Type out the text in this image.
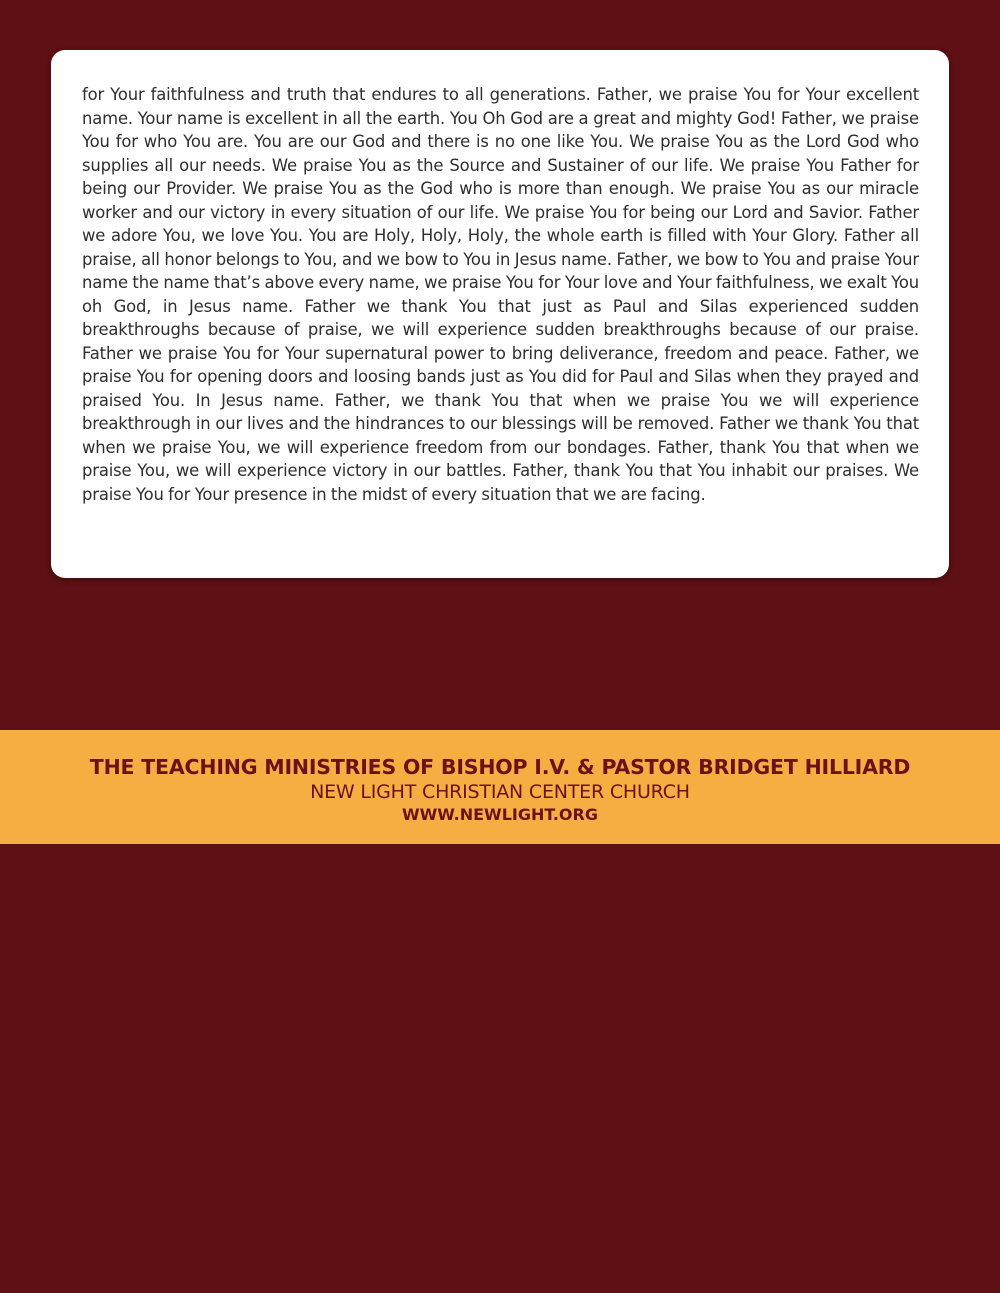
for Your faithfulness and truth that endures to all generations. Father, we praise You for Your excellent name. Your name is excellent in all the earth. You Oh God are a great and mighty God! Father, we praise You for who You are. You are our God and there is no one like You. We praise You as the Lord God who supplies all our needs. We praise You as the Source and Sustainer of our life. We praise You Father for being our Provider. We praise You as the God who is more than enough. We praise You as our miracle worker and our victory in every situation of our life. We praise You for being our Lord and Savior. Father we adore You, we love You. You are Holy, Holy, Holy, the whole earth is filled with Your Glory. Father all praise, all honor belongs to You, and we bow to You in Jesus name. Father, we bow to You and praise Your name the name that’s above every name, we praise You for Your love and Your faithfulness, we exalt You oh God, in Jesus name. Father we thank You that just as Paul and Silas experienced sudden breakthroughs because of praise, we will experience sudden breakthroughs because of our praise. Father we praise You for Your supernatural power to bring deliverance, freedom and peace. Father, we praise You for opening doors and loosing bands just as You did for Paul and Silas when they prayed and praised You. In Jesus name. Father, we thank You that when we praise You we will experience breakthrough in our lives and the hindrances to our blessings will be removed. Father we thank You that when we praise You, we will experience freedom from our bondages. Father, thank You that when we praise You, we will experience victory in our battles. Father, thank You that You inhabit our praises. We praise You for Your presence in the midst of every situation that we are facing.

THE TEACHING MINISTRIES OF BISHOP I.V. & PASTOR BRIDGET HILLIARD
NEW LIGHT CHRISTIAN CENTER CHURCH
WWW.NEWLIGHT.ORG
